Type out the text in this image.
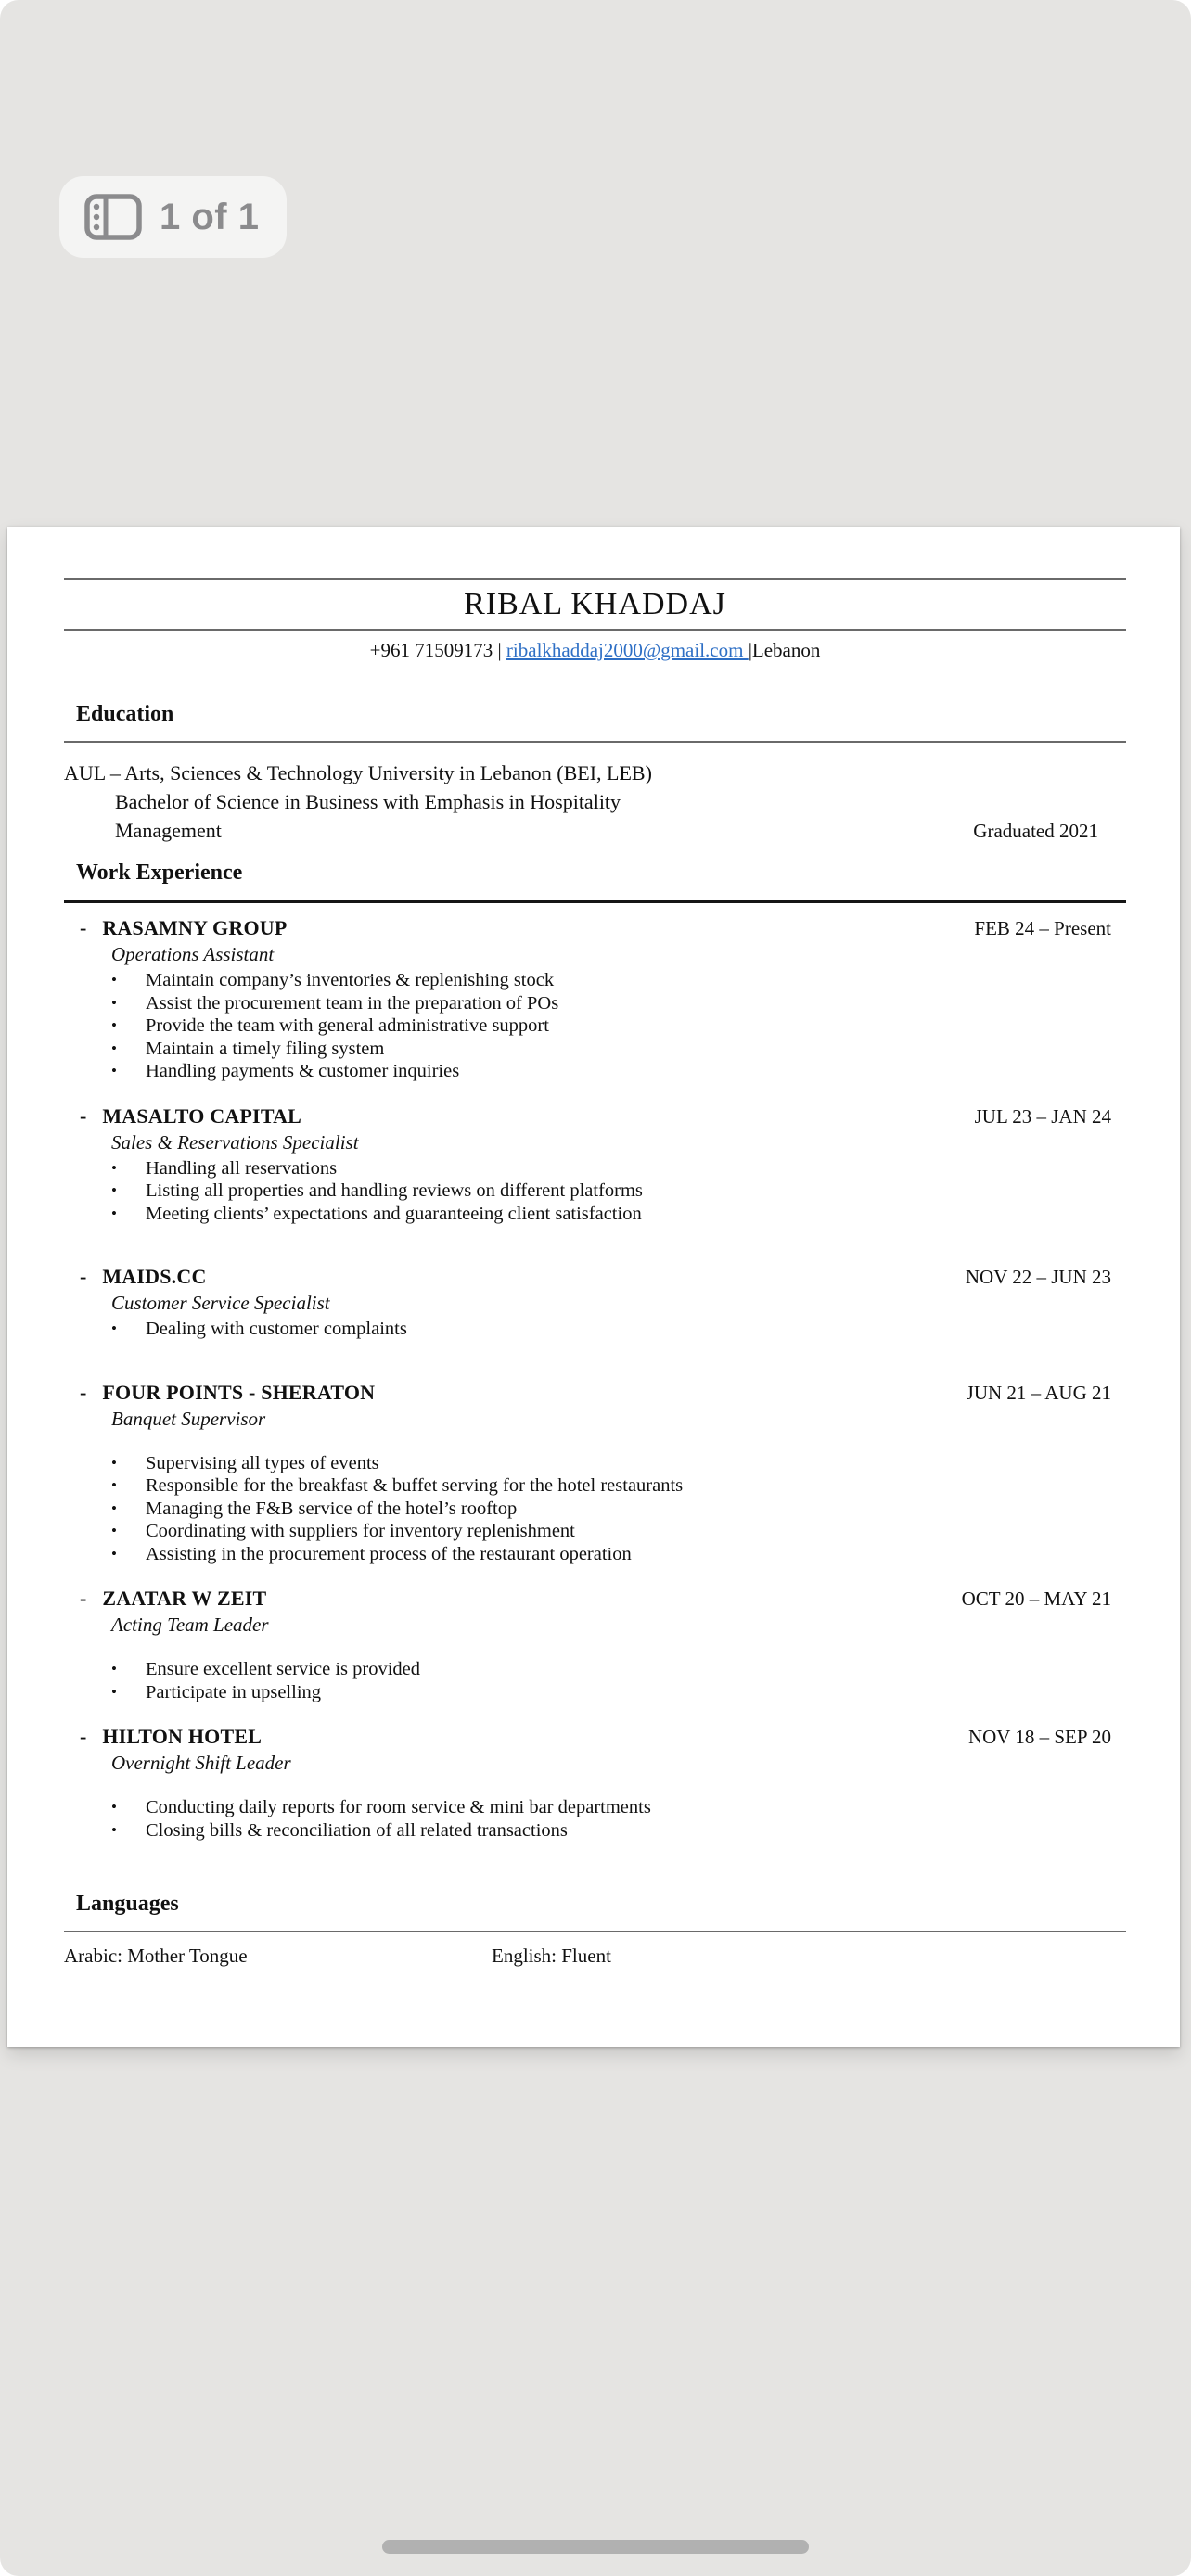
1 of 1
RIBAL KHADDAJ
+961 71509173 | ribalkhaddaj2000@gmail.com |Lebanon
Education
AUL – Arts, Sciences & Technology University in Lebanon (BEI, LEB)
Bachelor of Science in Business with Emphasis in Hospitality
Management	Graduated 2021
Work Experience
- RASAMNY GROUP	FEB 24 – Present
Operations Assistant
•	Maintain company’s inventories & replenishing stock
•	Assist the procurement team in the preparation of POs
•	Provide the team with general administrative support
•	Maintain a timely filing system
•	Handling payments & customer inquiries
- MASALTO CAPITAL	JUL 23 – JAN 24
Sales & Reservations Specialist
•	Handling all reservations
•	Listing all properties and handling reviews on different platforms
•	Meeting clients’ expectations and guaranteeing client satisfaction
- MAIDS.CC	NOV 22 – JUN 23
Customer Service Specialist
•	Dealing with customer complaints
- FOUR POINTS - SHERATON	JUN 21 – AUG 21
Banquet Supervisor
•	Supervising all types of events
•	Responsible for the breakfast & buffet serving for the hotel restaurants
•	Managing the F&B service of the hotel’s rooftop
•	Coordinating with suppliers for inventory replenishment
•	Assisting in the procurement process of the restaurant operation
- ZAATAR W ZEIT	OCT 20 – MAY 21
Acting Team Leader
•	Ensure excellent service is provided
•	Participate in upselling
- HILTON HOTEL	NOV 18 – SEP 20
Overnight Shift Leader
•	Conducting daily reports for room service & mini bar departments
•	Closing bills & reconciliation of all related transactions
Languages
Arabic: Mother Tongue	English: Fluent
